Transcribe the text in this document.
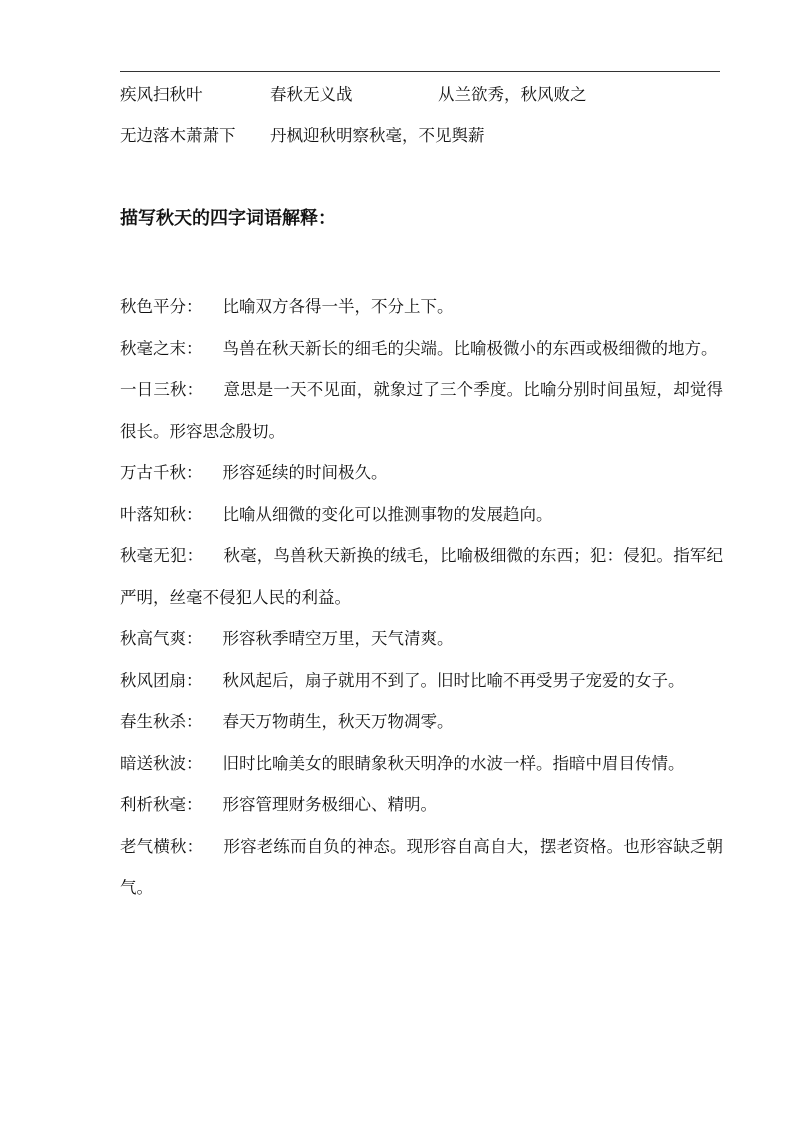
疾风扫秋叶	春秋无义战	从兰欲秀，秋风败之
无边落木萧萧下 丹枫迎秋明察秋毫，不见舆薪
描写秋天的四字词语解释：

秋色平分： 比喻双方各得一半，不分上下。

秋毫之末： 鸟兽在秋天新长的细毛的尖端。比喻极微小的东西或极细微的地方。

一日三秋： 意思是一天不见面，就象过了三个季度。比喻分别时间虽短，却觉得很长。形容思念殷切。

万古千秋： 形容延续的时间极久。

叶落知秋： 比喻从细微的变化可以推测事物的发展趋向。

秋毫无犯： 秋毫，鸟兽秋天新换的绒毛，比喻极细微的东西；犯：侵犯。指军纪严明，丝毫不侵犯人民的利益。

秋高气爽： 形容秋季晴空万里，天气清爽。

秋风团扇： 秋风起后，扇子就用不到了。旧时比喻不再受男子宠爱的女子。

春生秋杀： 春天万物萌生，秋天万物凋零。

暗送秋波： 旧时比喻美女的眼睛象秋天明净的水波一样。指暗中眉目传情。

利析秋毫： 形容管理财务极细心、精明。

老气横秋： 形容老练而自负的神态。现形容自高自大，摆老资格。也形容缺乏朝气。
